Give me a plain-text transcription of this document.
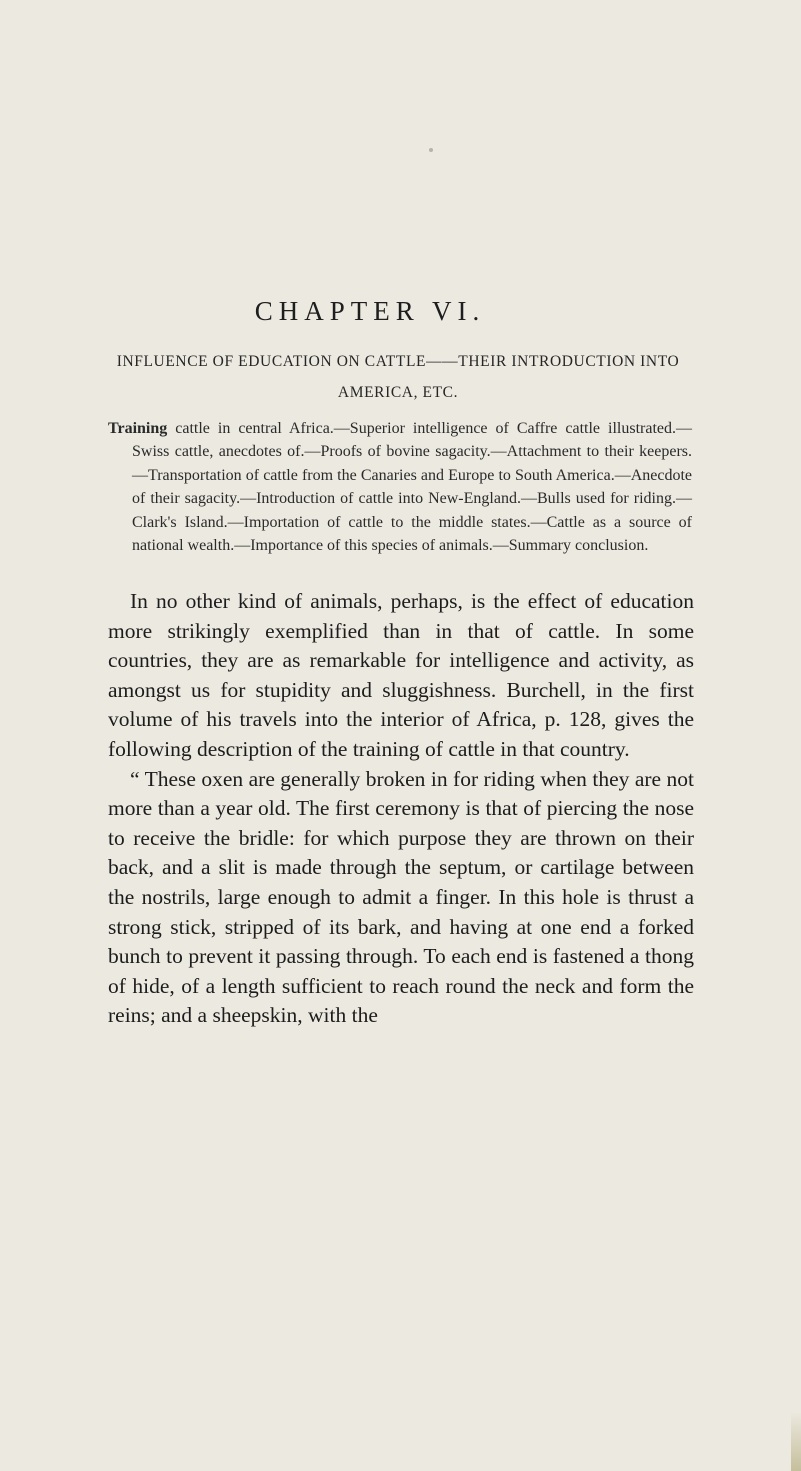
CHAPTER VI.

INFLUENCE OF EDUCATION ON CATTLE——THEIR INTRODUCTION INTO AMERICA, ETC.

Training cattle in central Africa.—Superior intelligence of Caffre cattle illustrated.—Swiss cattle, anecdotes of.—Proofs of bovine sagacity.—Attachment to their keepers.—Transportation of cattle from the Canaries and Europe to South America.—Anecdote of their sagacity.—Introduction of cattle into New-England.—Bulls used for riding.—Clark's Island.—Importation of cattle to the middle states.—Cattle as a source of national wealth.—Importance of this species of animals.—Summary conclusion.

In no other kind of animals, perhaps, is the effect of education more strikingly exemplified than in that of cattle. In some countries, they are as remarkable for intelligence and activity, as amongst us for stupidity and sluggishness. Burchell, in the first volume of his travels into the interior of Africa, p. 128, gives the following description of the training of cattle in that country.

“ These oxen are generally broken in for riding when they are not more than a year old. The first ceremony is that of piercing the nose to receive the bridle: for which purpose they are thrown on their back, and a slit is made through the septum, or cartilage between the nostrils, large enough to admit a finger. In this hole is thrust a strong stick, stripped of its bark, and having at one end a forked bunch to prevent it passing through. To each end is fastened a thong of hide, of a length sufficient to reach round the neck and form the reins; and a sheepskin, with the
